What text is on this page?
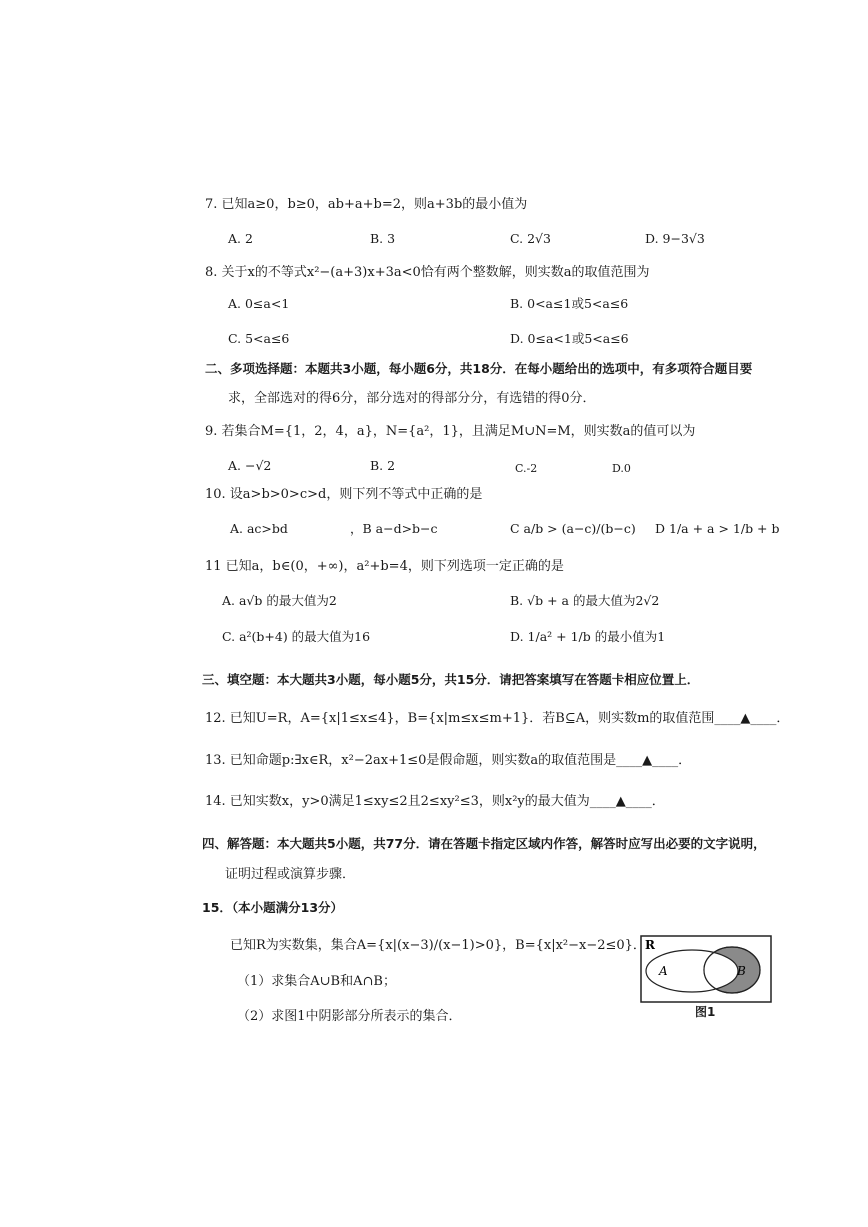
7. 已知a≥0，b≥0，ab+a+b=2，则a+3b的最小值为
A. 2	B. 3	C. 2√3	D. 9−3√3
8. 关于x的不等式x²−(a+3)x+3a<0恰有两个整数解，则实数a的取值范围为
A. 0≤a<1	B. 0<a≤1或5<a≤6
C. 5<a≤6	D. 0≤a<1或5<a≤6
二、多项选择题：本题共3小题，每小题6分，共18分．在每小题给出的选项中，有多项符合题目要
求，全部选对的得6分，部分选对的得部分分，有选错的得0分．
9. 若集合M={1，2，4，a}，N={a²，1}，且满足M∪N=M，则实数a的值可以为
A. −√2	B. 2	C.-2	D.0
10. 设a>b>0>c>d，则下列不等式中正确的是
A. ac>bd	，B a−d>b−c	C a/b > (a−c)/(b−c) D 1/a + a > 1/b + b
11 已知a，b∈(0，+∞)，a²+b=4，则下列选项一定正确的是
A. a√b 的最大值为2	B. √b + a 的最大值为2√2
C. a²(b+4) 的最大值为16	D. 1/a² + 1/b 的最小值为1
三、填空题：本大题共3小题，每小题5分，共15分．请把答案填写在答题卡相应位置上．
12. 已知U=R，A={x|1≤x≤4}，B={x|m≤x≤m+1}．若B⊆A，则实数m的取值范围____▲____．
13. 已知命题p:∃x∈R，x²−2ax+1≤0是假命题，则实数a的取值范围是____▲____．
14. 已知实数x，y>0满足1≤xy≤2且2≤xy²≤3，则x²y的最大值为____▲____．
四、解答题：本大题共5小题，共77分．请在答题卡指定区域内作答，解答时应写出必要的文字说明，
证明过程或演算步骤．
15．（本小题满分13分）
已知R为实数集，集合A={x|(x−3)/(x−1)>0}，B={x|x²−x−2≤0}．
（1）求集合A∪B和A∩B；
（2）求图1中阴影部分所表示的集合．
R
A	B
图1
